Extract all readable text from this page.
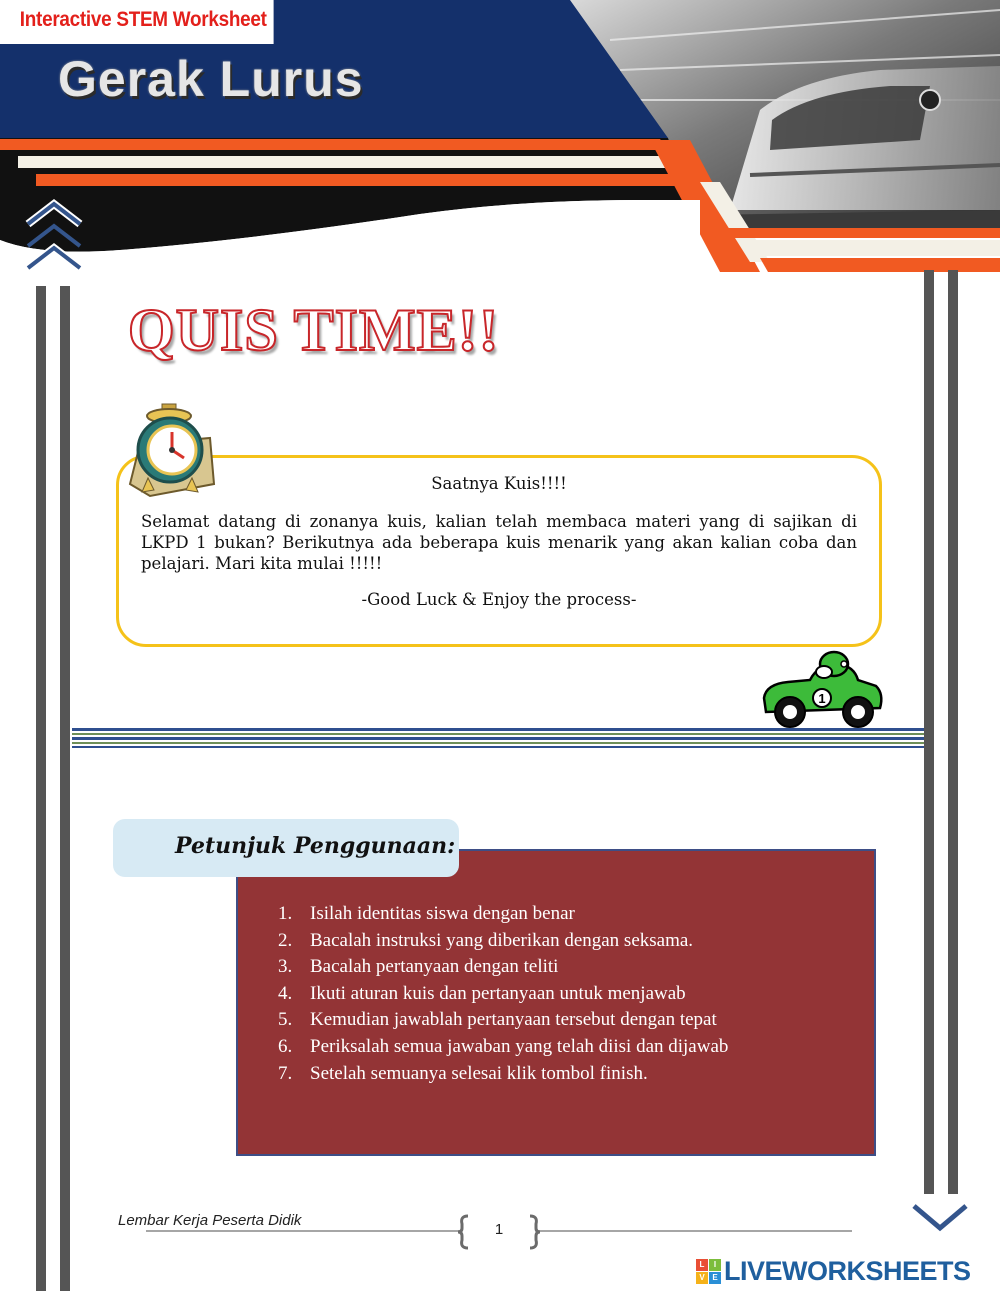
Interactive STEM Worksheet
Gerak Lurus
QUIS TIME!!
Saatnya Kuis!!!!
Selamat datang di zonanya kuis, kalian telah membaca materi yang di sajikan di LKPD 1 bukan? Berikutnya ada beberapa kuis menarik yang akan kalian coba dan pelajari. Mari kita mulai !!!!!
-Good Luck & Enjoy the process-
1
Petunjuk Penggunaan:
1. Isilah identitas siswa dengan benar
2. Bacalah instruksi yang diberikan dengan seksama.
3. Bacalah pertanyaan dengan teliti
4. Ikuti aturan kuis dan pertanyaan untuk menjawab
5. Kemudian jawablah pertanyaan tersebut dengan tepat
6. Periksalah semua jawaban yang telah diisi dan dijawab
7. Setelah semuanya selesai klik tombol finish.
Lembar Kerja Peserta Didik
1
L	I
V E LIVEWORKSHEETS
